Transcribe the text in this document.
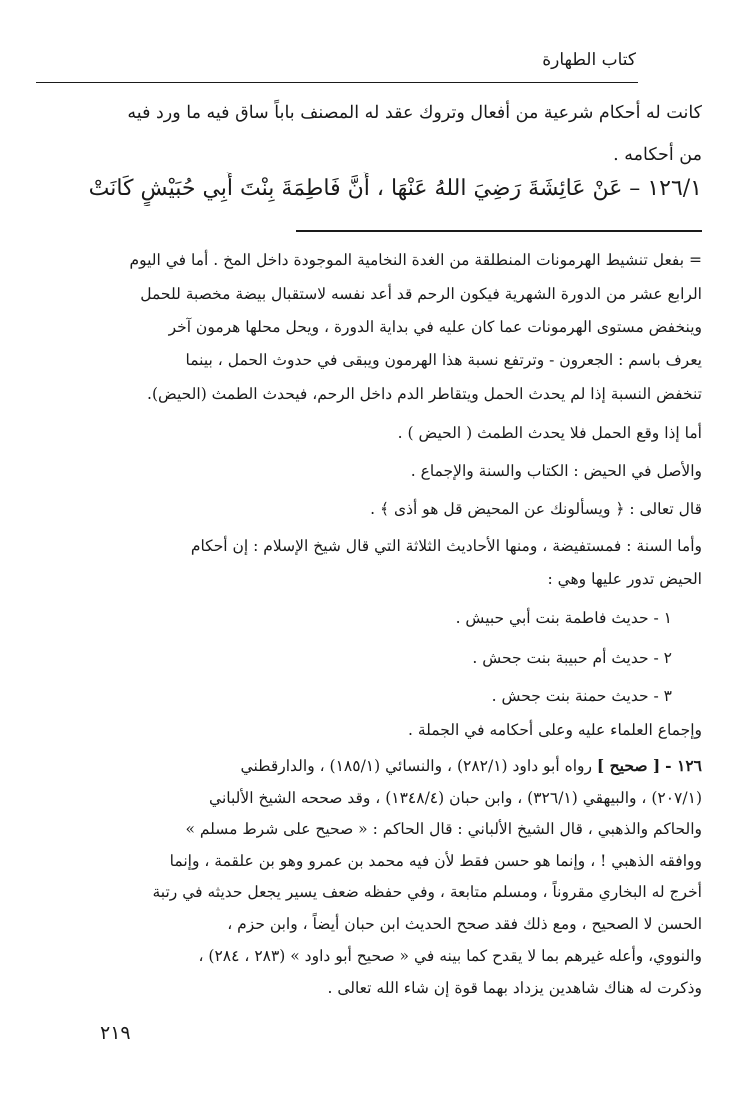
كتاب الطهارة
كانت له أحكام شرعية من أفعال وتروك عقد له المصنف باباً ساق فيه ما ورد فيه
من أحكامه .
١٢٦/١ – عَنْ عَائِشَةَ رَضِيَ اللهُ عَنْهَا ، أَنَّ فَاطِمَةَ بِنْتَ أَبِي حُبَيْشٍ كَانَتْ
= بفعل تنشيط الهرمونات المنطلقة من الغدة النخامية الموجودة داخل المخ . أما في اليوم
الرابع عشر من الدورة الشهرية فيكون الرحم قد أعد نفسه لاستقبال بيضة مخصبة للحمل
وينخفض مستوى الهرمونات عما كان عليه في بداية الدورة ، ويحل محلها هرمون آخر
يعرف باسم : الجعرون - وترتفع نسبة هذا الهرمون ويبقى في حدوث الحمل ، بينما
تنخفض النسبة إذا لم يحدث الحمل ويتقاطر الدم داخل الرحم، فيحدث الطمث (الحيض).
أما إذا وقع الحمل فلا يحدث الطمث ( الحيض ) .
والأصل في الحيض : الكتاب والسنة والإجماع .
قال تعالى : ﴿ ويسألونك عن المحيض قل هو أذى ﴾ .
وأما السنة : فمستفيضة ، ومنها الأحاديث الثلاثة التي قال شيخ الإسلام : إن أحكام
الحيض تدور عليها وهي :
١ - حديث فاطمة بنت أبي حبيش .
٢ - حديث أم حبيبة بنت جحش .
٣ - حديث حمنة بنت جحش .
وإجماع العلماء عليه وعلى أحكامه في الجملة .
١٢٦ - [ صحيح ] رواه أبو داود (٢٨٢/١) ، والنسائي (١٨٥/١) ، والدارقطني
(٢٠٧/١) ، والبيهقي (٣٢٦/١) ، وابن حبان (١٣٤٨/٤) ، وقد صححه الشيخ الألباني
والحاكم والذهبي ، قال الشيخ الألباني : قال الحاكم : « صحيح على شرط مسلم »
ووافقه الذهبي ! ، وإنما هو حسن فقط لأن فيه محمد بن عمرو وهو بن علقمة ، وإنما
أخرج له البخاري مقروناً ، ومسلم متابعة ، وفي حفظه ضعف يسير يجعل حديثه في رتبة
الحسن لا الصحيح ، ومع ذلك فقد صحح الحديث ابن حبان أيضاً ، وابن حزم ،
والنووي، وأعله غيرهم بما لا يقدح كما بينه في « صحيح أبو داود » (٢٨٣ ، ٢٨٤) ،
وذكرت له هناك شاهدين يزداد بهما قوة إن شاء الله تعالى .
٢١٩
